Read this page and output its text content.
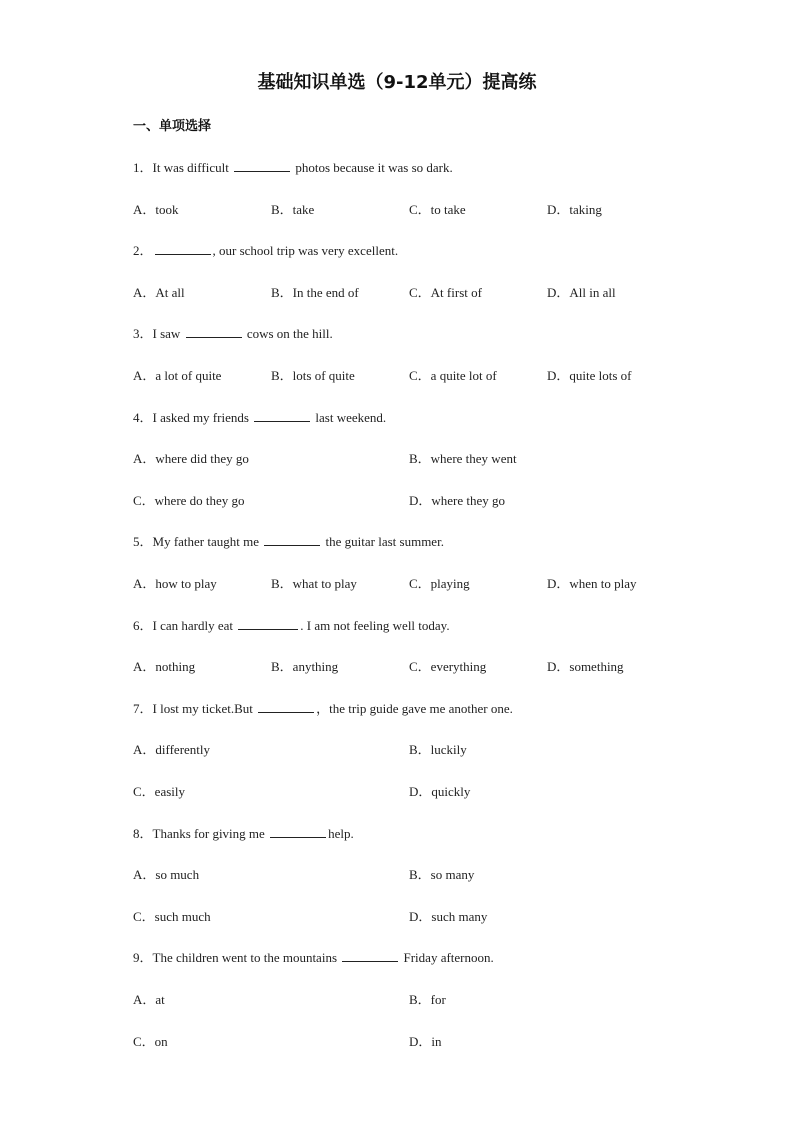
基础知识单选（9-12单元）提高练
一、单项选择
1．It was difficult	photos because it was so dark.
A．took	B．take	C．to take	D．taking
2．	, our school trip was very excellent.
A．At all	B．In the end of	C．At first of	D．All in all
3．I saw	cows on the hill.
A．a lot of quite	B．lots of quite	C．a quite lot of	D．quite lots of
4．I asked my friends	last weekend.
A．where did they go	B．where they went
C．where do they go	D．where they go
5．My father taught me	the guitar last summer.
A．how to play	B．what to play	C．playing	D．when to play
6．I can hardly eat	. I am not feeling well today.
A．nothing	B．anything	C．everything	D．something
7．I lost my ticket.But	，the trip guide gave me another one.
A．differently	B．luckily
C．easily	D．quickly
8．Thanks for giving me	help.
A．so much	B．so many
C．such much	D．such many
9．The children went to the mountains	Friday afternoon.
A．at	B．for
C．on	D．in
